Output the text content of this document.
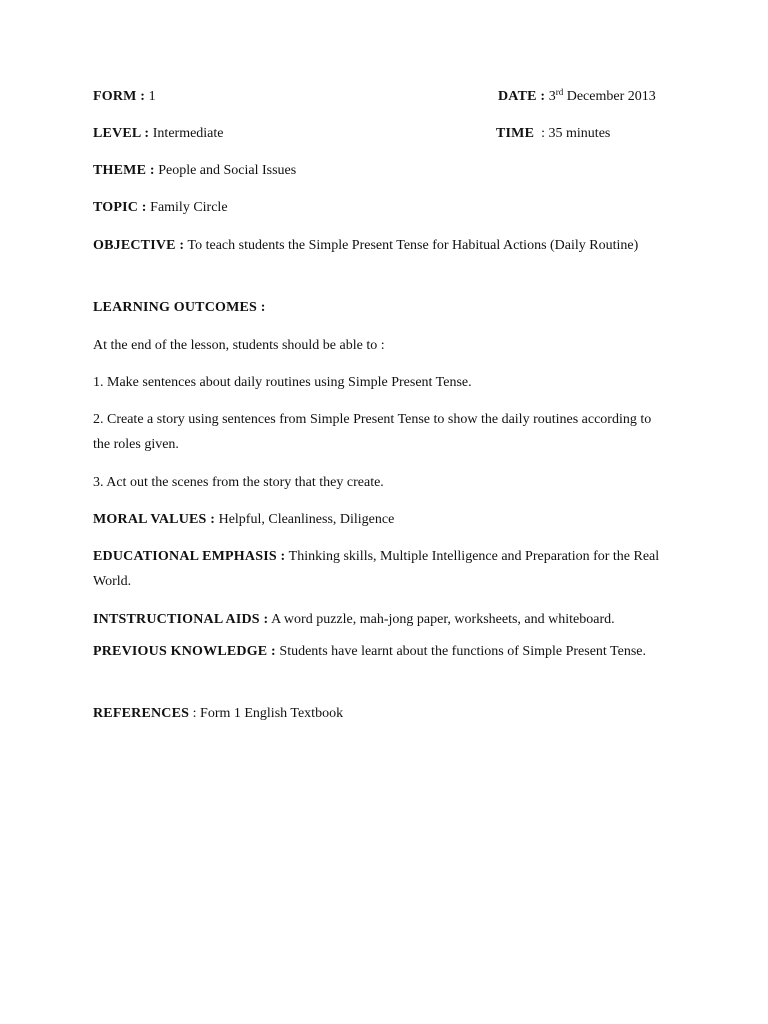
FORM : 1	DATE : 3rd December 2013
LEVEL : Intermediate	TIME : 35 minutes
THEME : People and Social Issues
TOPIC : Family Circle
OBJECTIVE : To teach students the Simple Present Tense for Habitual Actions (Daily Routine)
LEARNING OUTCOMES :
At the end of the lesson, students should be able to :
1. Make sentences about daily routines using Simple Present Tense.
2. Create a story using sentences from Simple Present Tense to show the daily routines according to the roles given.
3. Act out the scenes from the story that they create.
MORAL VALUES : Helpful, Cleanliness, Diligence
EDUCATIONAL EMPHASIS : Thinking skills, Multiple Intelligence and Preparation for the Real World.
INTSTRUCTIONAL AIDS : A word puzzle, mah-jong paper, worksheets, and whiteboard.
PREVIOUS KNOWLEDGE : Students have learnt about the functions of Simple Present Tense.
REFERENCES : Form 1 English Textbook
